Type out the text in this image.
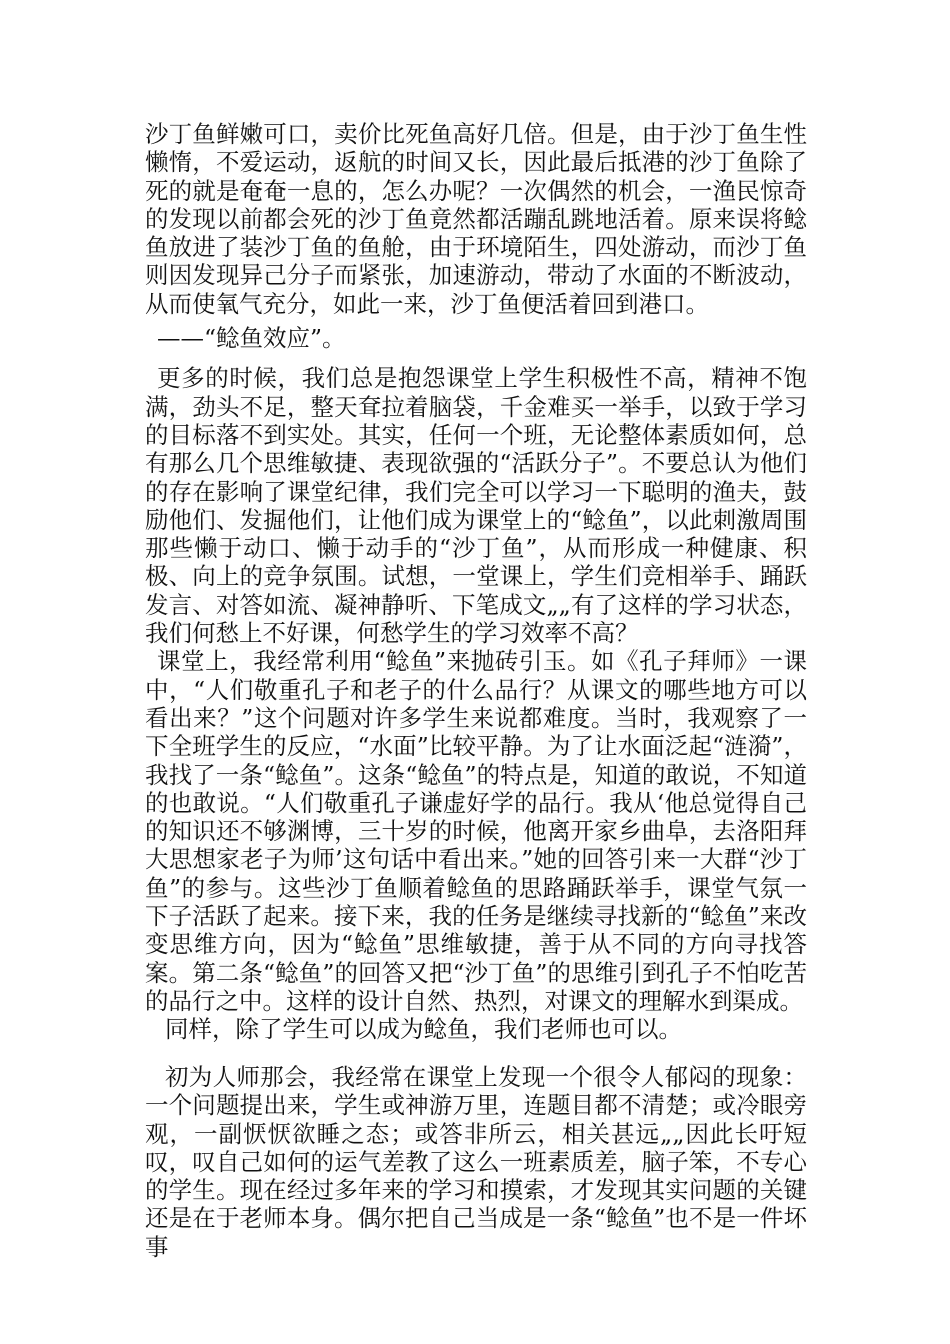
沙丁鱼鲜嫩可口，卖价比死鱼高好几倍。但是，由于沙丁鱼生性懒惰，不爱运动，返航的时间又长，因此最后抵港的沙丁鱼除了死的就是奄奄一息的，怎么办呢？一次偶然的机会，一渔民惊奇的发现以前都会死的沙丁鱼竟然都活蹦乱跳地活着。原来误将鲶鱼放进了装沙丁鱼的鱼舱，由于环境陌生，四处游动，而沙丁鱼则因发现异己分子而紧张，加速游动，带动了水面的不断波动，从而使氧气充分，如此一来，沙丁鱼便活着回到港口。

——“鲶鱼效应”。

更多的时候，我们总是抱怨课堂上学生积极性不高，精神不饱满，劲头不足，整天耷拉着脑袋，千金难买一举手，以致于学习的目标落不到实处。其实，任何一个班，无论整体素质如何，总有那么几个思维敏捷、表现欲强的“活跃分子”。不要总认为他们的存在影响了课堂纪律，我们完全可以学习一下聪明的渔夫，鼓励他们、发掘他们，让他们成为课堂上的“鲶鱼”，以此刺激周围那些懒于动口、懒于动手的“沙丁鱼”，从而形成一种健康、积极、向上的竞争氛围。试想，一堂课上，学生们竞相举手、踊跃发言、对答如流、凝神静听、下笔成文„„有了这样的学习状态，我们何愁上不好课，何愁学生的学习效率不高？

课堂上，我经常利用“鲶鱼”来抛砖引玉。如《孔子拜师》一课中，“人们敬重孔子和老子的什么品行？从课文的哪些地方可以看出来？”这个问题对许多学生来说都难度。当时，我观察了一下全班学生的反应，“水面”比较平静。为了让水面泛起“涟漪”，我找了一条“鲶鱼”。这条“鲶鱼”的特点是，知道的敢说，不知道的也敢说。“人们敬重孔子谦虚好学的品行。我从‘他总觉得自己的知识还不够渊博，三十岁的时候，他离开家乡曲阜，去洛阳拜大思想家老子为师’这句话中看出来。”她的回答引来一大群“沙丁鱼”的参与。这些沙丁鱼顺着鲶鱼的思路踊跃举手，课堂气氛一下子活跃了起来。接下来，我的任务是继续寻找新的“鲶鱼”来改变思维方向，因为“鲶鱼”思维敏捷，善于从不同的方向寻找答案。第二条“鲶鱼”的回答又把“沙丁鱼”的思维引到孔子不怕吃苦的品行之中。这样的设计自然、热烈，对课文的理解水到渠成。

同样，除了学生可以成为鲶鱼，我们老师也可以。

初为人师那会，我经常在课堂上发现一个很令人郁闷的现象：一个问题提出来，学生或神游万里，连题目都不清楚；或冷眼旁观，一副恹恹欲睡之态；或答非所云，相关甚远„„因此长吁短叹，叹自己如何的运气差教了这么一班素质差，脑子笨，不专心的学生。现在经过多年来的学习和摸索，才发现其实问题的关键还是在于老师本身。偶尔把自己当成是一条“鲶鱼”也不是一件坏事
